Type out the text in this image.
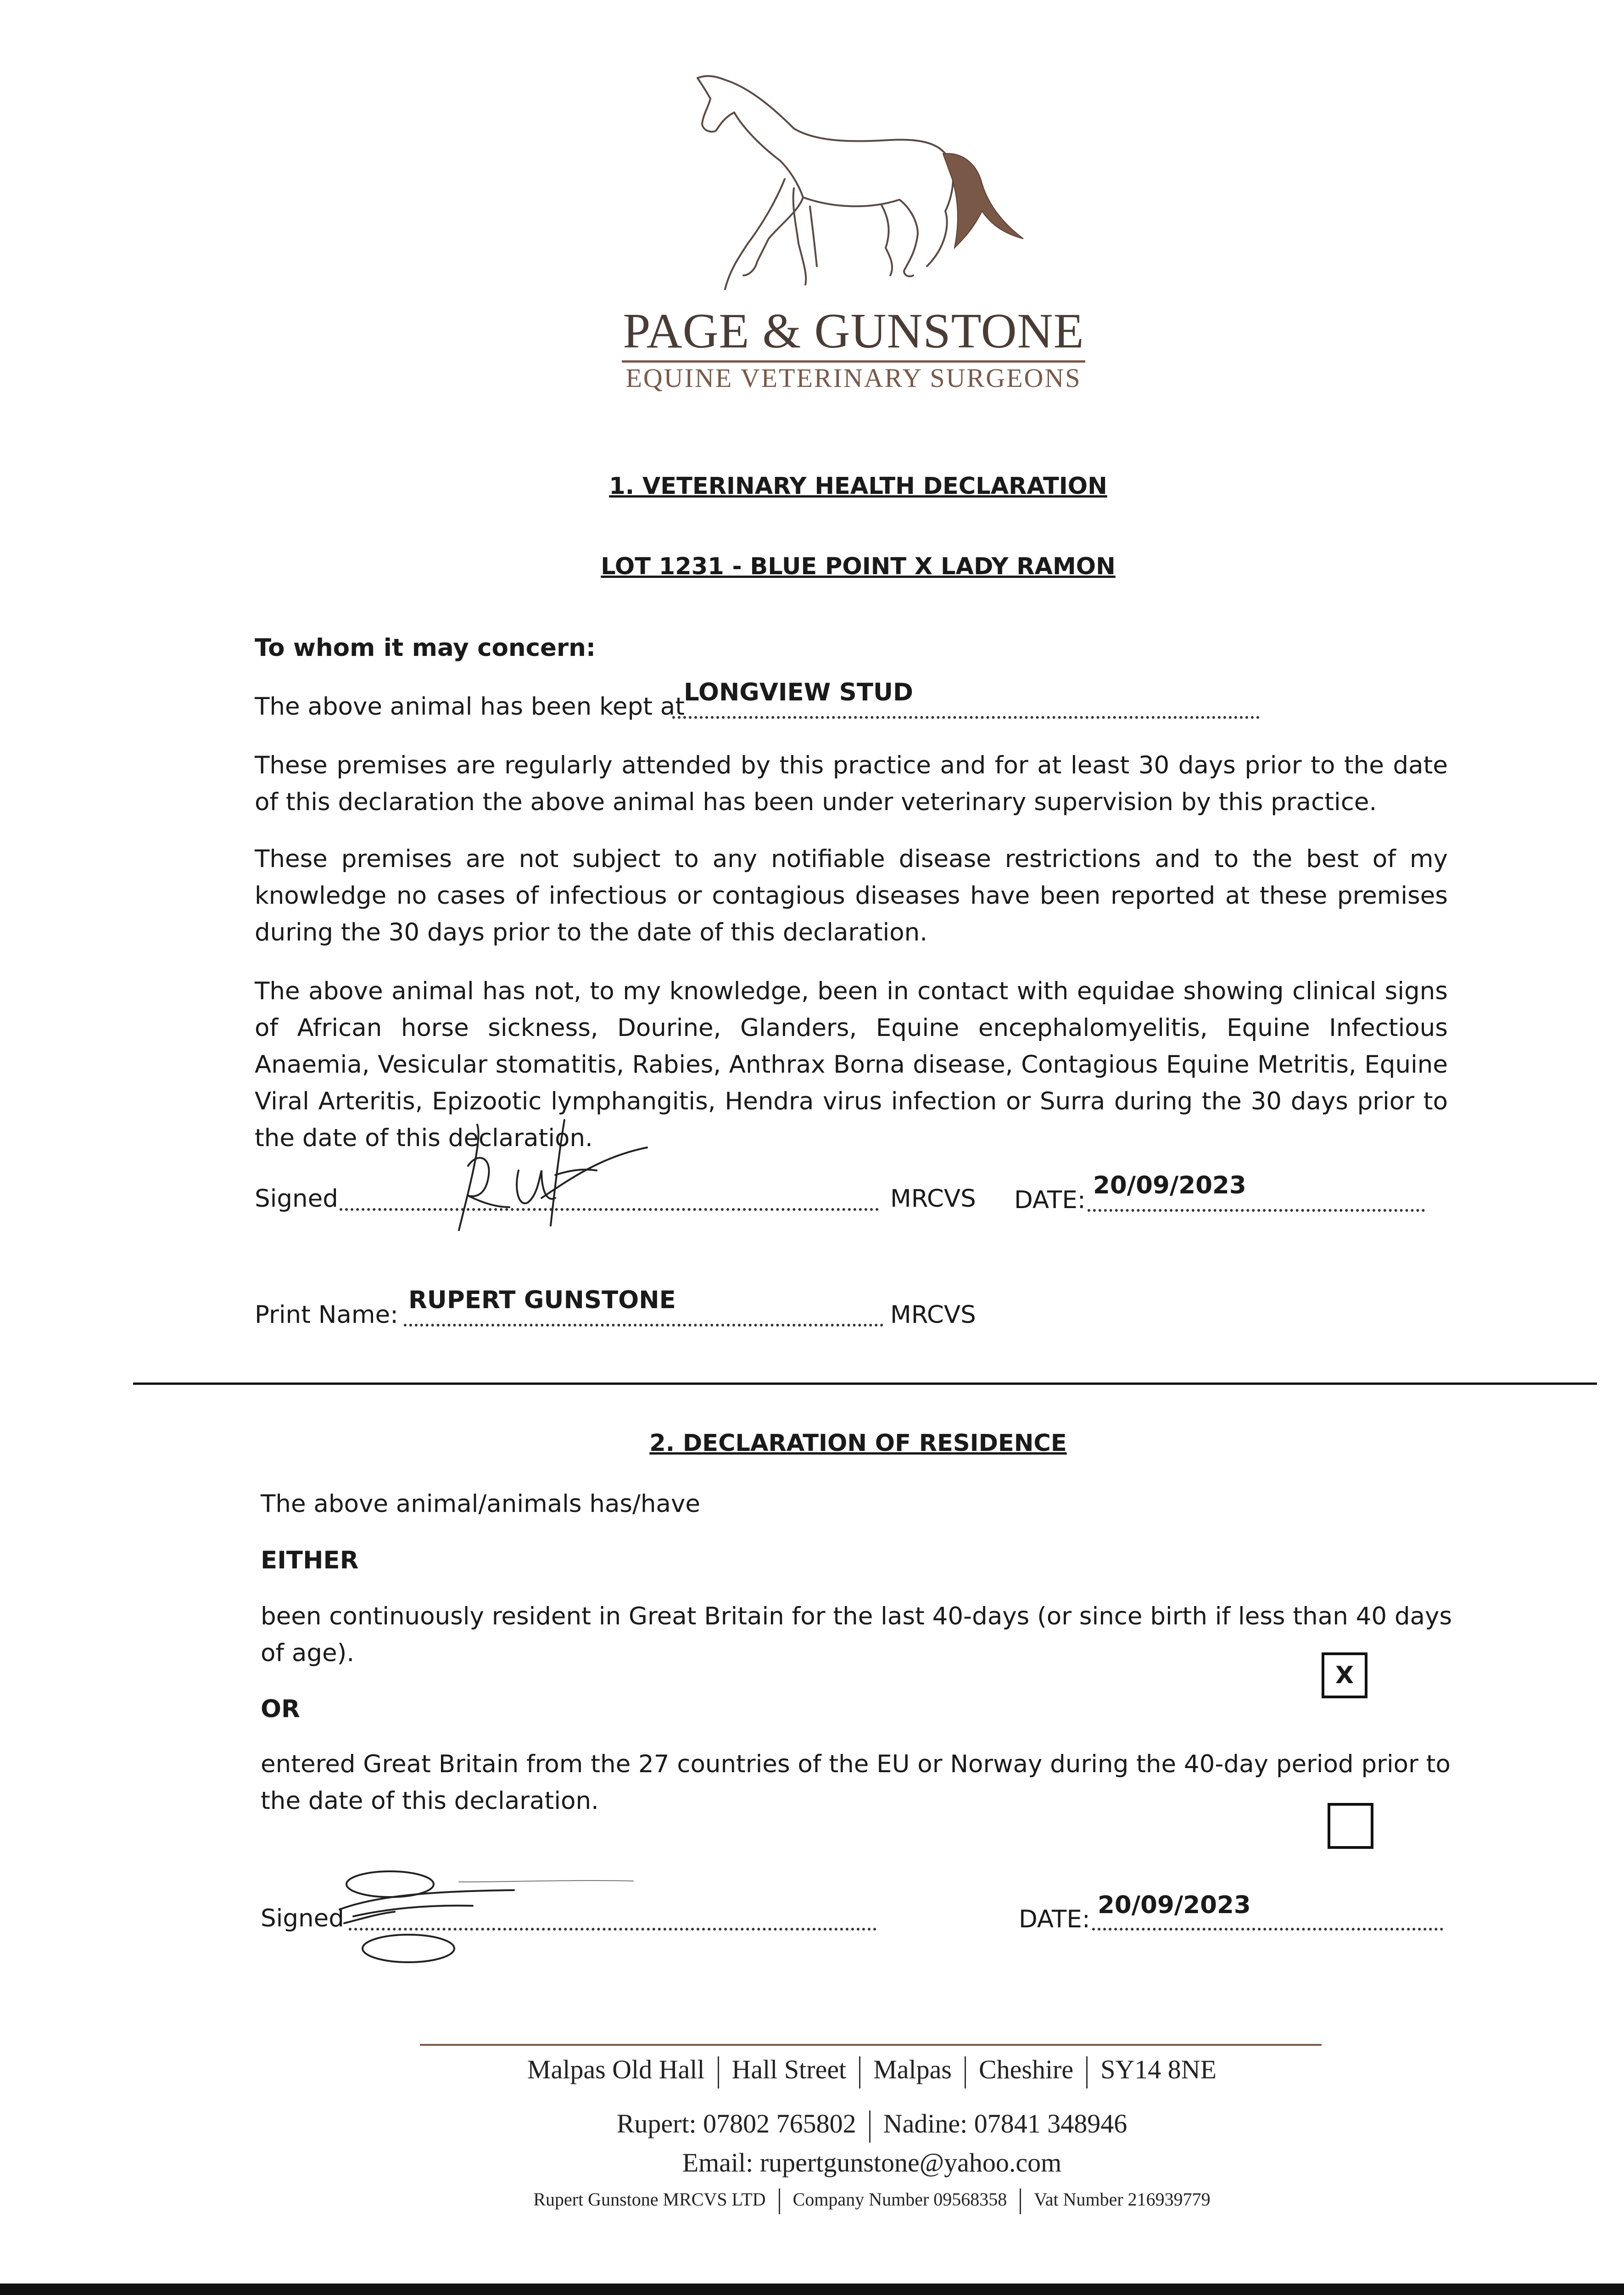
PAGE & GUNSTONE
EQUINE VETERINARY SURGEONS
1. VETERINARY HEALTH DECLARATION
LOT 1231 - BLUE POINT X LADY RAMON
To whom it may concern:
The above animal has been kept at
LONGVIEW STUD
These premises are regularly attended by this practice and for at least 30 days prior to the date of this declaration the above animal has been under veterinary supervision by this practice.
These premises are not subject to any notifiable disease restrictions and to the best of my knowledge no cases of infectious or contagious diseases have been reported at these premises during the 30 days prior to the date of this declaration.
The above animal has not, to my knowledge, been in contact with equidae showing clinical signs of African horse sickness, Dourine, Glanders, Equine encephalomyelitis, Equine Infectious Anaemia, Vesicular stomatitis, Rabies, Anthrax Borna disease, Contagious Equine Metritis, Equine Viral Arteritis, Epizootic lymphangitis, Hendra virus infection or Surra during the 30 days prior to the date of this declaration.
Signed	MRCVS DATE:
20/09/2023
Print Name:
RUPERT GUNSTONE
MRCVS
2. DECLARATION OF RESIDENCE
The above animal/animals has/have
EITHER
been continuously resident in Great Britain for the last 40-days (or since birth if less than 40 days of age).
X
OR
entered Great Britain from the 27 countries of the EU or Norway during the 40-day period prior to the date of this declaration.
Signed	DATE:
20/09/2023
Malpas Old Hall Hall Street Malpas Cheshire SY14 8NE
Rupert: 07802 765802 Nadine: 07841 348946
Email: rupertgunstone@yahoo.com
Rupert Gunstone MRCVS LTD Company Number 09568358 Vat Number 216939779
